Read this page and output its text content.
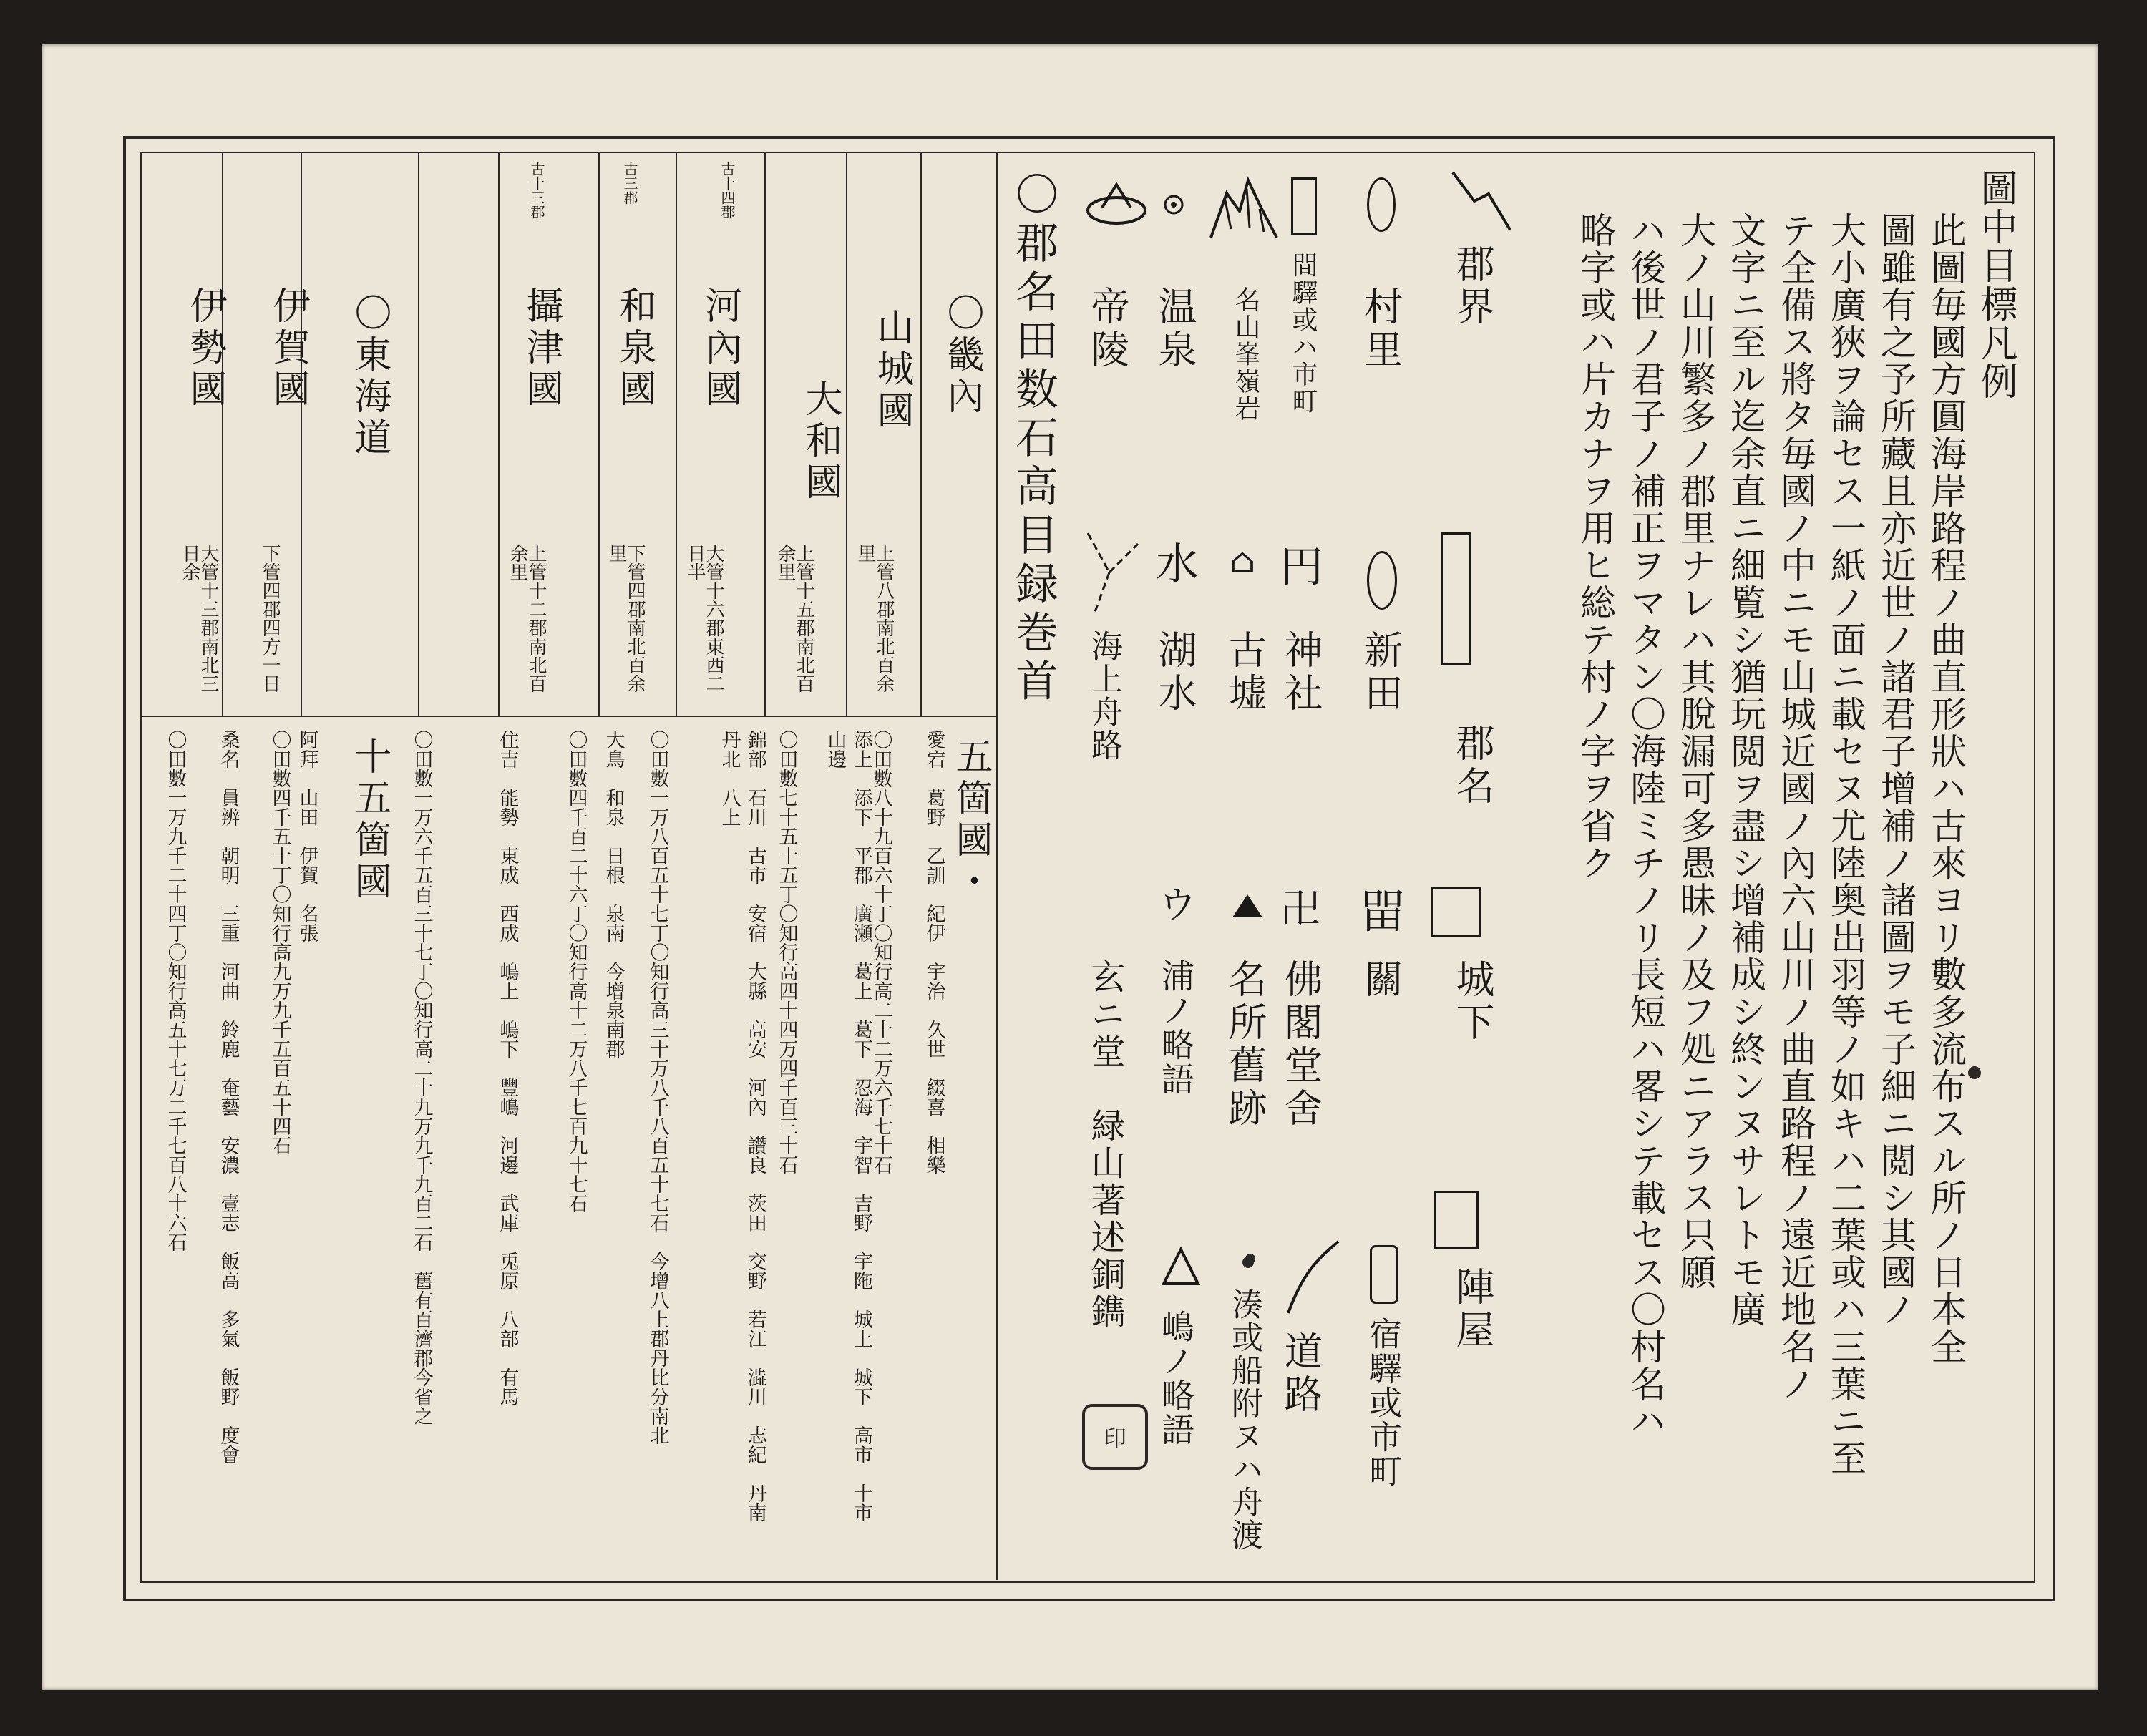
圖中目標凡例
此圖毎國方圓海岸路程ノ曲直形狀ハ古來ヨリ數多流布スル所ノ日本全
圖雖有之予所藏且亦近世ノ諸君子增補ノ諸圖ヲモ子細ニ閲シ其國ノ
大小廣狹ヲ論セス一紙ノ面ニ載セヌ尤陸奥出羽等ノ如キハ二葉或ハ三葉ニ至
テ全備ス將タ毎國ノ中ニモ山城近國ノ內六山川ノ曲直路程ノ遠近地名ノ
文字ニ至ル迄余直ニ細覧シ猶玩閲ヲ盡シ增補成シ終ンヌサレトモ廣
大ノ山川繁多ノ郡里ナレハ其脫漏可多愚昧ノ及フ処ニアラス只願
ハ後世ノ君子ノ補正ヲマタン〇海陸ミチノリ長短ハ畧シテ載セス〇村名ハ
略字或ハ片カナヲ用ヒ総テ村ノ字ヲ省ク
郡界
郡名
城下
陣屋
村里
新田
㽞
關
宿驛或市町
間驛或ハ市町
円
神社
卍
佛閣堂舍
道路
名山峯嶺岩
⌂
古墟
名所舊跡
湊或船附ヌハ舟渡
温泉
水
湖水
ウ
浦ノ略語
嶋ノ略語
帝陵
海上舟路
〇郡名田数石高目録巻首
玄ニ堂　緑山著述銅鐫
印
〇畿內
五箇國・
〇東海道
十五箇國
山城國
上管八郡南北百余里
大和國
上管十五郡南北百余里
古十四郡
河內國
大管十六郡東西二日半
古三郡
和泉國
下管四郡南北百余里
古十三郡
攝津國
上管十二郡南北百余里
伊賀國
下管四郡四方一日
伊勢國
大管十三郡南北三日余
愛宕　葛野　乙訓　紀伊　宇治　久世　綴喜　相樂
〇田數八十九百六十丁〇知行高二十二万六千七十石
添上　添下　平郡　廣瀬　葛上　葛下　忍海　宇智　吉野　宇陁　城上　城下　高市　十市　山邊
〇田數七十五十五丁〇知行高四十四万四千百三十石
錦部　石川　古市　安宿　大縣　高安　河內　讚良　茨田　交野　若江　澁川　志紀　丹南　丹北　八上
〇田數一万八百五十七丁〇知行高三十万八千八百五十七石　今增八上郡丹比分南北
大鳥　和泉　日根　泉南　今增泉南郡
〇田數四千百二十六丁〇知行高十二万八千七百九十七石
住吉　能勢　東成　西成　嶋上　嶋下　豐嶋　河邊　武庫　兎原　八部　有馬
〇田數一万六千五百三十七丁〇知行高二十九万九千九百二石　舊有百濟郡今省之
阿拜　山田　伊賀　名張
〇田數四千五十丁〇知行高九万九千五百五十四石
桑名　員辨　朝明　三重　河曲　鈴鹿　奄藝　安濃　壹志　飯高　多氣　飯野　度會
〇田數一万九千二十四丁〇知行高五十七万二千七百八十六石
